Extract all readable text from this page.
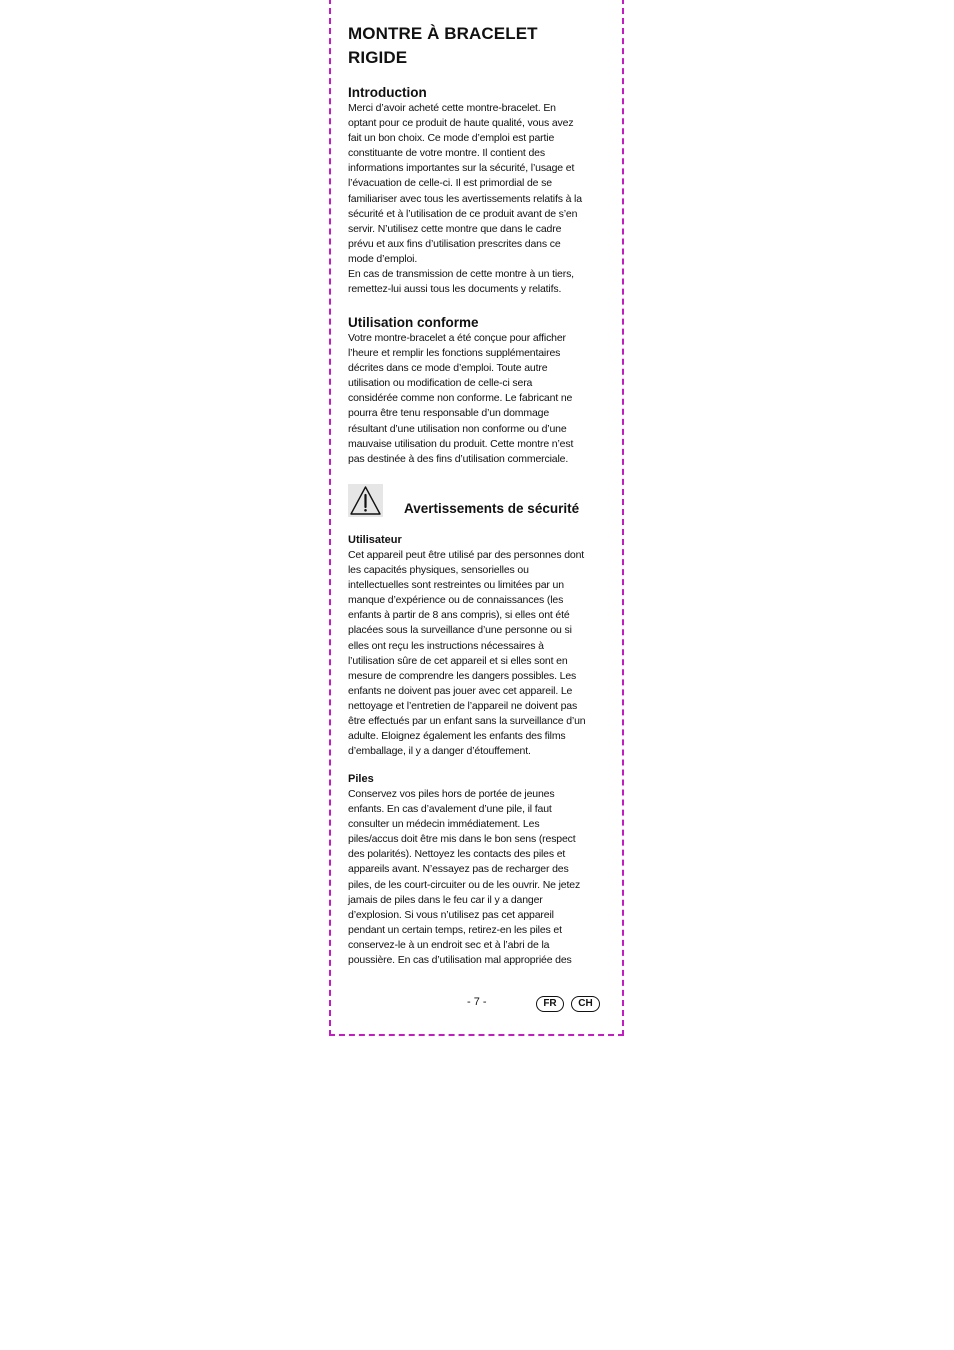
MONTRE À BRACELET
RIGIDE
Introduction

Merci d’avoir acheté cette montre-bracelet. En
optant pour ce produit de haute qualité, vous avez
fait un bon choix. Ce mode d’emploi est partie
constituante de votre montre. Il contient des
informations importantes sur la sécurité, l’usage et
l’évacuation de celle-ci. Il est primordial de se
familiariser avec tous les avertissements relatifs à la
sécurité et à l’utilisation de ce produit avant de s’en
servir. N’utilisez cette montre que dans le cadre
prévu et aux fins d’utilisation prescrites dans ce
mode d’emploi.
En cas de transmission de cette montre à un tiers,
remettez-lui aussi tous les documents y relatifs.

Utilisation conforme

Votre montre-bracelet a été conçue pour afficher
l’heure et remplir les fonctions supplémentaires
décrites dans ce mode d’emploi. Toute autre
utilisation ou modification de celle-ci sera
considérée comme non conforme. Le fabricant ne
pourra être tenu responsable d’un dommage
résultant d’une utilisation non conforme ou d’une
mauvaise utilisation du produit. Cette montre n’est
pas destinée à des fins d’utilisation commerciale.

Avertissements de sécurité
Utilisateur

Cet appareil peut être utilisé par des personnes dont
les capacités physiques, sensorielles ou
intellectuelles sont restreintes ou limitées par un
manque d’expérience ou de connaissances (les
enfants à partir de 8 ans compris), si elles ont été
placées sous la surveillance d’une personne ou si
elles ont reçu les instructions nécessaires à
l’utilisation sûre de cet appareil et si elles sont en
mesure de comprendre les dangers possibles. Les
enfants ne doivent pas jouer avec cet appareil. Le
nettoyage et l’entretien de l’appareil ne doivent pas
être effectués par un enfant sans la surveillance d’un
adulte. Eloignez également les enfants des films
d’emballage, il y a danger d’étouffement.

Piles

Conservez vos piles hors de portée de jeunes
enfants. En cas d’avalement d’une pile, il faut
consulter un médecin immédiatement. Les
piles/accus doit être mis dans le bon sens (respect
des polarités). Nettoyez les contacts des piles et
appareils avant. N’essayez pas de recharger des
piles, de les court-circuiter ou de les ouvrir. Ne jetez
jamais de piles dans le feu car il y a danger
d’explosion. Si vous n’utilisez pas cet appareil
pendant un certain temps, retirez-en les piles et
conservez-le à un endroit sec et à l’abri de la
poussière. En cas d’utilisation mal appropriée des

- 7 -	FR	CH
